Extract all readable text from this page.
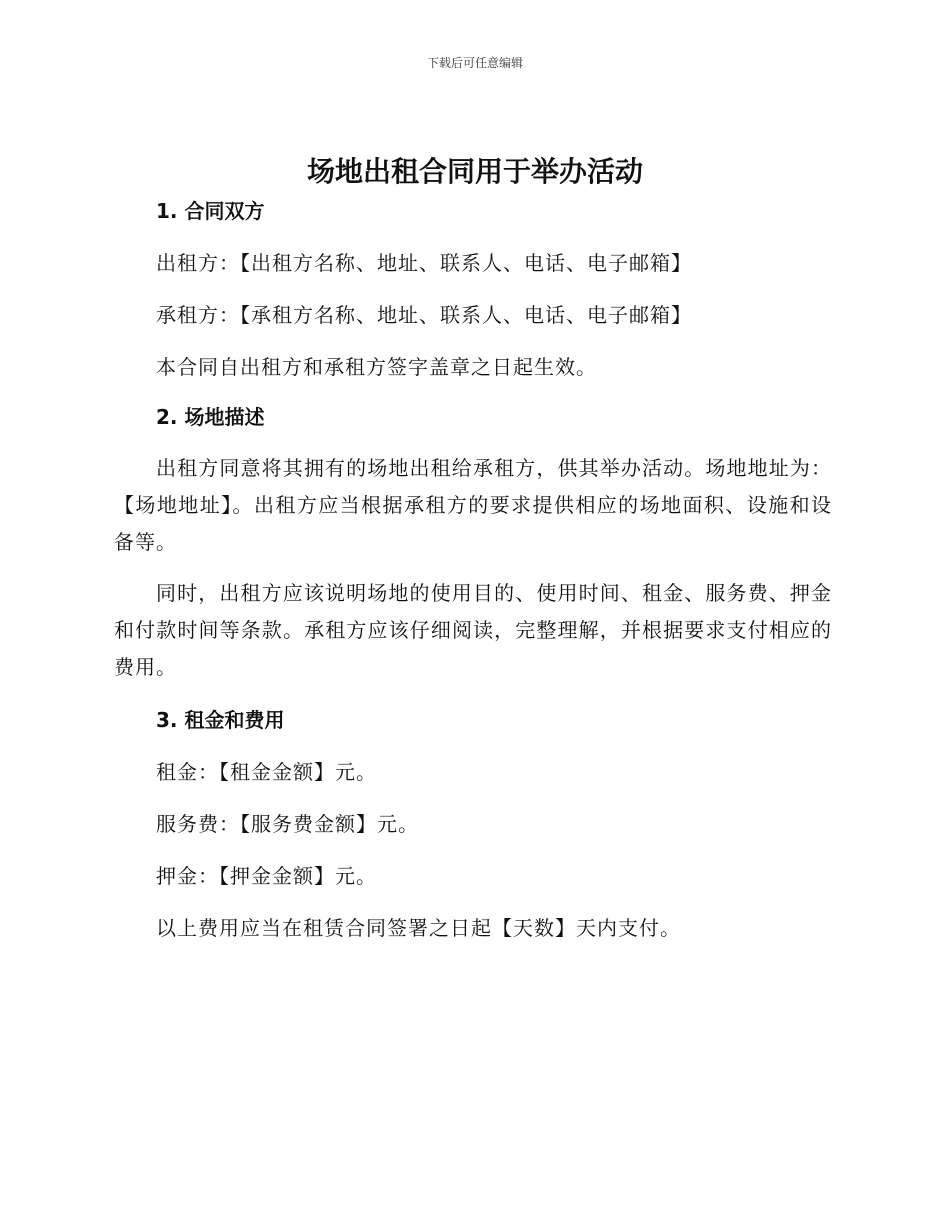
下载后可任意编辑
场地出租合同用于举办活动
1. 合同双方

出租方：【出租方名称、地址、联系人、电话、电子邮箱】

承租方：【承租方名称、地址、联系人、电话、电子邮箱】

本合同自出租方和承租方签字盖章之日起生效。

2. 场地描述

出租方同意将其拥有的场地出租给承租方，供其举办活动。场地地址为：【场地地址】。出租方应当根据承租方的要求提供相应的场地面积、设施和设备等。

同时，出租方应该说明场地的使用目的、使用时间、租金、服务费、押金和付款时间等条款。承租方应该仔细阅读，完整理解，并根据要求支付相应的费用。

3. 租金和费用

租金：【租金金额】元。

服务费：【服务费金额】元。

押金：【押金金额】元。

以上费用应当在租赁合同签署之日起【天数】天内支付。
